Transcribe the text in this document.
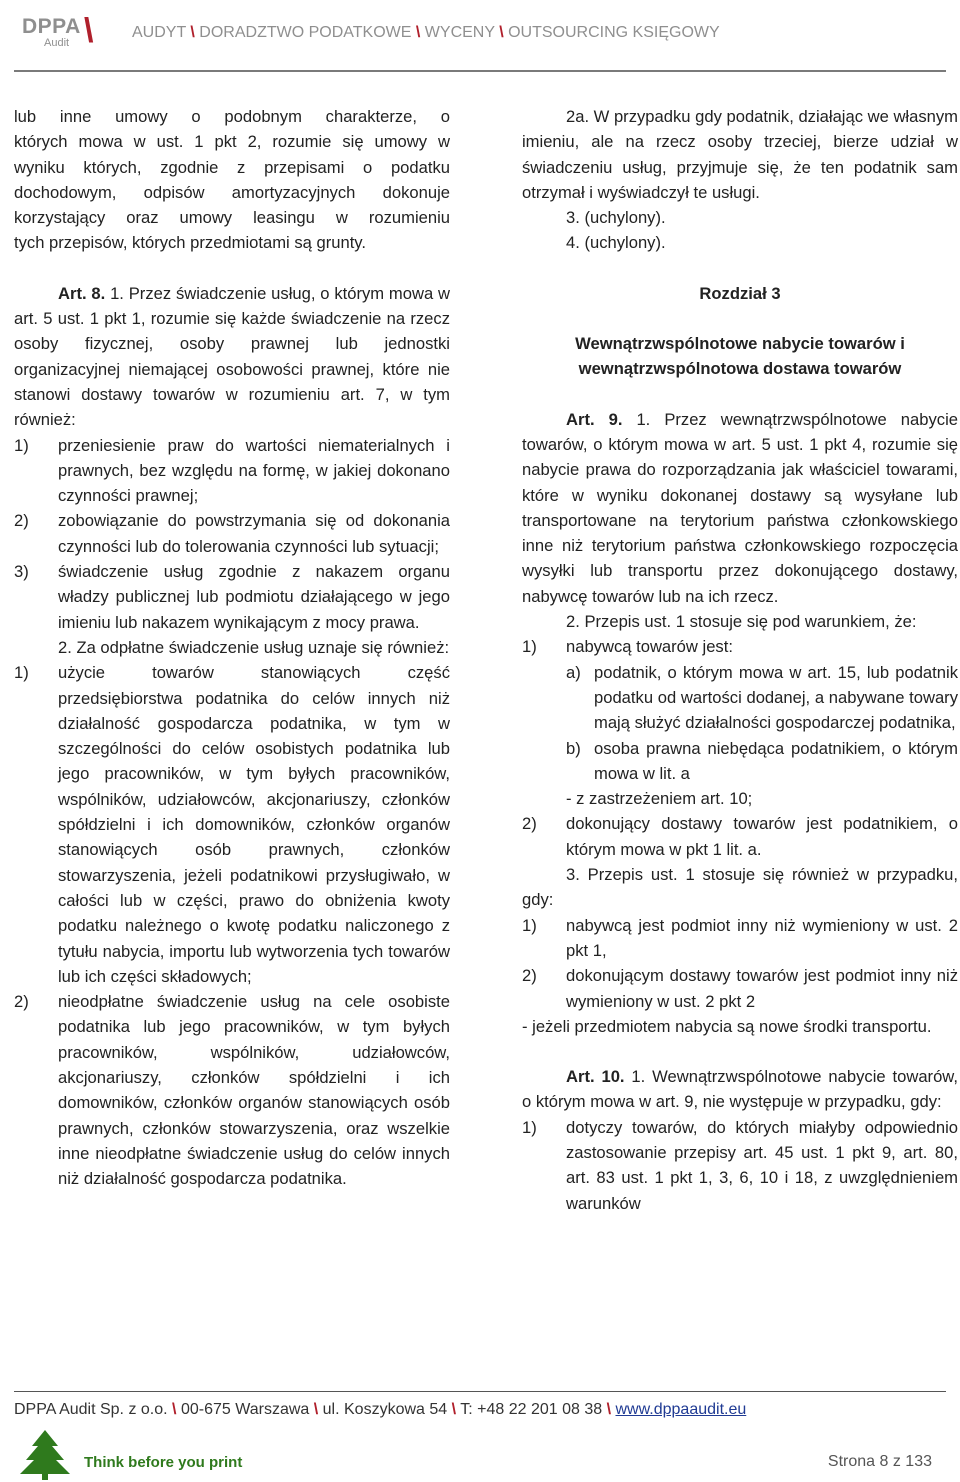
DPPA
Audit \ AUDYT \ DORADZTWO PODATKOWE \ WYCENY \ OUTSOURCING KSIĘGOWY

lub inne umowy o podobnym charakterze, o

których mowa w ust. 1 pkt 2, rozumie się umowy w

wyniku których, zgodnie z przepisami o podatku

dochodowym, odpisów amortyzacyjnych dokonuje

korzystający oraz umowy leasingu w rozumieniu

tych przepisów, których przedmiotami są grunty.

Art. 8. 1. Przez świadczenie usług, o którym mowa w art. 5 ust. 1 pkt 1, rozumie się każde świadczenie na rzecz osoby fizycznej, osoby prawnej lub jednostki organizacyjnej niemającej osobowości prawnej, które nie stanowi dostawy towarów w rozumieniu art. 7, w tym również:

1)	przeniesienie praw do wartości niematerialnych i prawnych, bez względu na formę, w jakiej dokonano czynności prawnej;
2)	zobowiązanie do powstrzymania się od dokonania czynności lub do tolerowania czynności lub sytuacji;
3)	świadczenie usług zgodnie z nakazem organu władzy publicznej lub podmiotu działającego w jego imieniu lub nakazem wynikającym z mocy prawa.

2. Za odpłatne świadczenie usług uznaje się również:

1)	użycie towarów stanowiących część przedsiębiorstwa podatnika do celów innych niż działalność gospodarcza podatnika, w tym w szczególności do celów osobistych podatnika lub jego pracowników, w tym byłych pracowników, wspólników, udziałowców, akcjonariuszy, członków spółdzielni i ich domowników, członków organów stanowiących osób prawnych, członków stowarzyszenia, jeżeli podatnikowi przysługiwało, w całości lub w części, prawo do obniżenia kwoty podatku należnego o kwotę podatku naliczonego z tytułu nabycia, importu lub wytworzenia tych towarów lub ich części składowych;
2)	nieodpłatne świadczenie usług na cele osobiste podatnika lub jego pracowników, w tym byłych pracowników, wspólników, udziałowców, akcjonariuszy, członków spółdzielni i ich domowników, członków organów stanowiących osób prawnych, członków stowarzyszenia, oraz wszelkie inne nieodpłatne świadczenie usług do celów innych niż działalność gospodarcza podatnika.

2a. W przypadku gdy podatnik, działając we własnym imieniu, ale na rzecz osoby trzeciej, bierze udział w świadczeniu usług, przyjmuje się, że ten podatnik sam otrzymał i wyświadczył te usługi.

3. (uchylony).

4. (uchylony).

Rozdział 3

Wewnątrzwspólnotowe nabycie towarów i

wewnątrzwspólnotowa dostawa towarów

Art. 9. 1. Przez wewnątrzwspólnotowe nabycie towarów, o którym mowa w art. 5 ust. 1 pkt 4, rozumie się nabycie prawa do rozporządzania jak właściciel towarami, które w wyniku dokonanej dostawy są wysyłane lub transportowane na terytorium państwa członkowskiego inne niż terytorium państwa członkowskiego rozpoczęcia wysyłki lub transportu przez dokonującego dostawy, nabywcę towarów lub na ich rzecz.

2. Przepis ust. 1 stosuje się pod warunkiem, że:

1)	nabywcą towarów jest:
a) podatnik, o którym mowa w art. 15, lub podatnik podatku od wartości dodanej, a nabywane towary mają służyć działalności gospodarczej podatnika,
b) osoba prawna niebędąca podatnikiem, o którym mowa w lit. a

- z zastrzeżeniem art. 10;

2)	dokonujący dostawy towarów jest podatnikiem, o którym mowa w pkt 1 lit. a.

3. Przepis ust. 1 stosuje się również w przypadku, gdy:

1)	nabywcą jest podmiot inny niż wymieniony w ust. 2 pkt 1,
2)	dokonującym dostawy towarów jest podmiot inny niż wymieniony w ust. 2 pkt 2

- jeżeli przedmiotem nabycia są nowe środki transportu.

Art. 10. 1. Wewnątrzwspólnotowe nabycie towarów, o którym mowa w art. 9, nie występuje w przypadku, gdy:

1)	dotyczy towarów, do których miałyby odpowiednio zastosowanie przepisy art. 45 ust. 1 pkt 9, art. 80, art. 83 ust. 1 pkt 1, 3, 6, 10 i 18, z uwzględnieniem warunków
DPPA Audit Sp. z o.o. \ 00-675 Warszawa \ ul. Koszykowa 54 \ T: +48 22 201 08 38 \ www.dppaaudit.eu
Think before you print	Strona 8 z 133
